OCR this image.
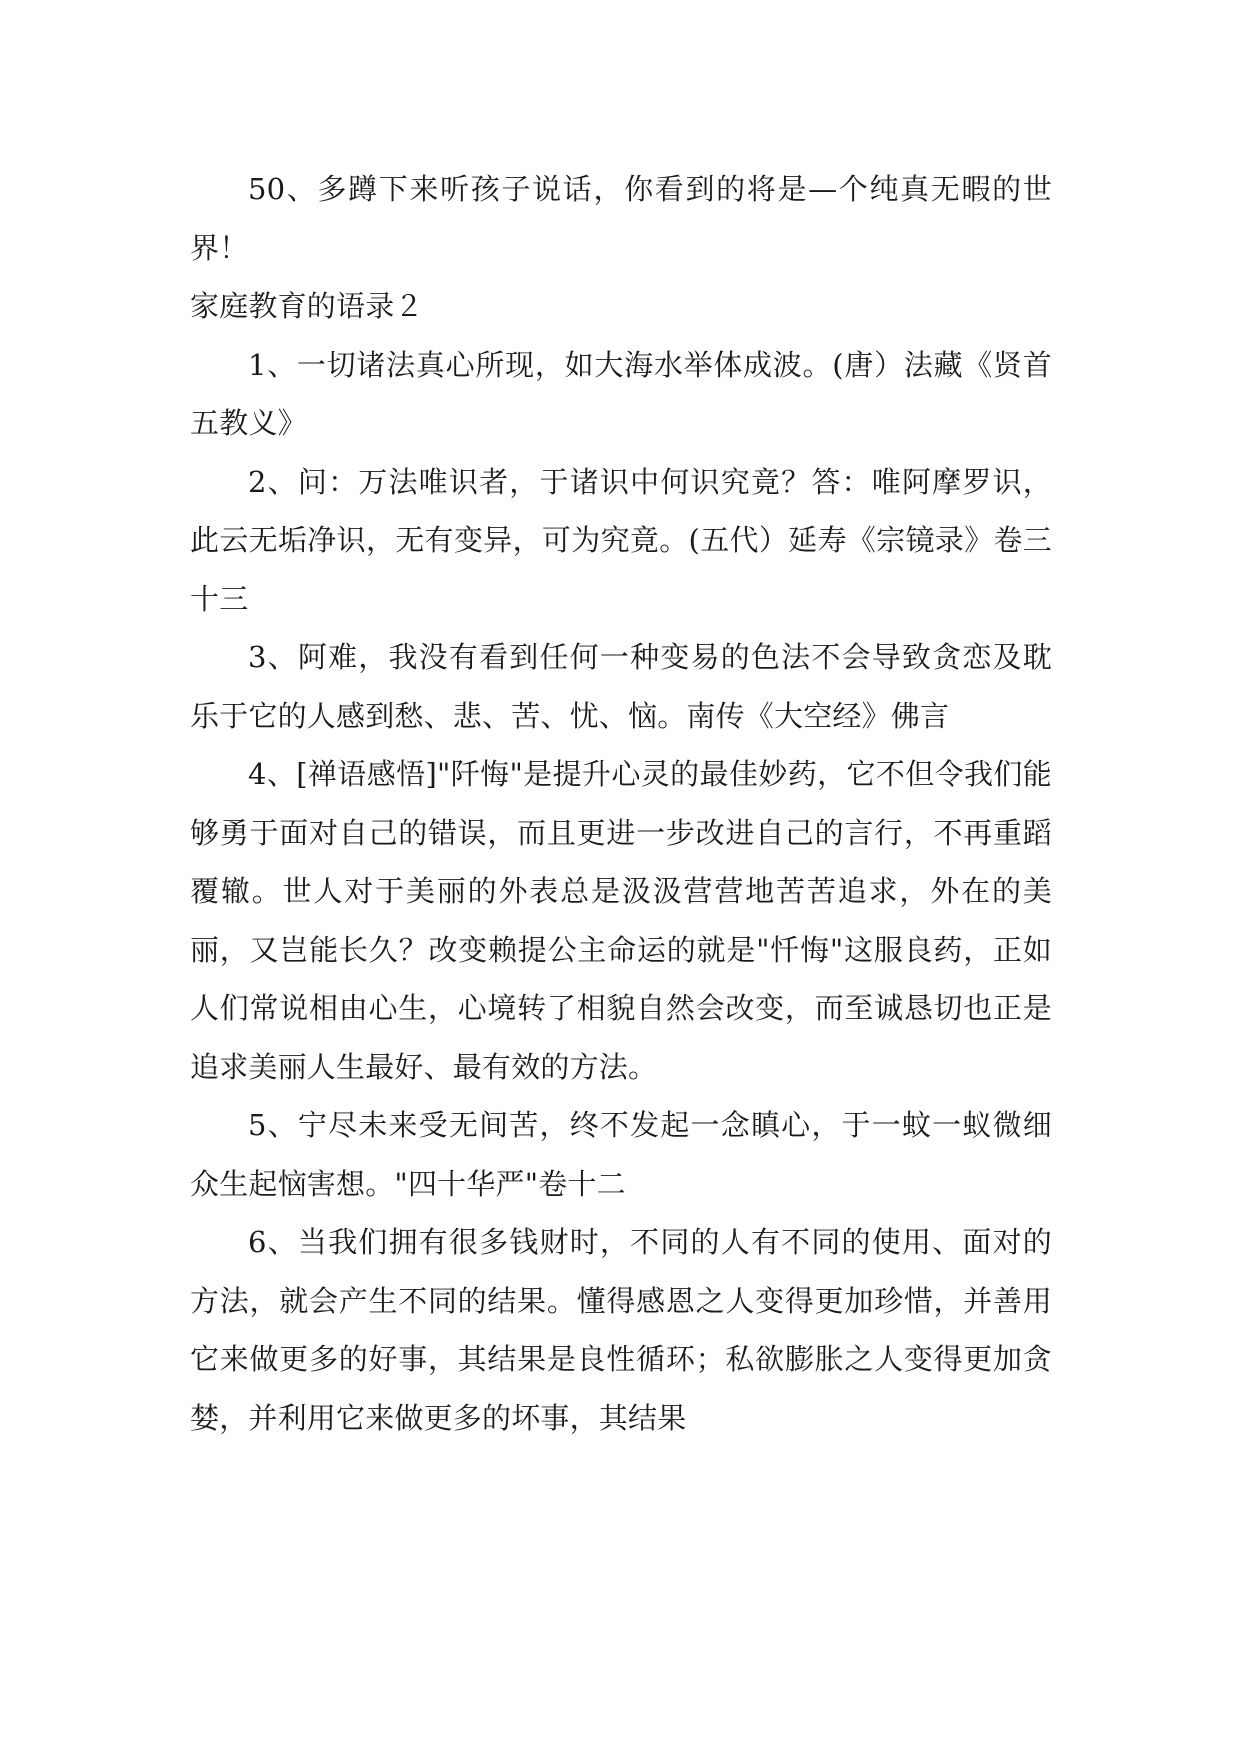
50、多蹲下来听孩子说话，你看到的将是—个纯真无暇的世界！

家庭教育的语录２

1、一切诸法真心所现，如大海水举体成波。(唐）法藏《贤首五教义》

2、问：万法唯识者，于诸识中何识究竟？答：唯阿摩罗识，此云无垢净识，无有变异，可为究竟。(五代）延寿《宗镜录》卷三十三

3、阿难，我没有看到任何一种变易的色法不会导致贪恋及耽乐于它的人感到愁、悲、苦、忧、恼。南传《大空经》佛言

4、[禅语感悟]"阡悔"是提升心灵的最佳妙药，它不但令我们能够勇于面对自己的错误，而且更进一步改进自己的言行，不再重蹈覆辙。世人对于美丽的外表总是汲汲营营地苦苦追求，外在的美丽，又岂能长久？改变赖提公主命运的就是"忏悔"这服良药，正如人们常说相由心生，心境转了相貌自然会改变，而至诚恳切也正是追求美丽人生最好、最有效的方法。

5、宁尽未来受无间苦，终不发起一念瞋心，于一蚊一蚁微细众生起恼害想。"四十华严"卷十二

6、当我们拥有很多钱财时，不同的人有不同的使用、面对的方法，就会产生不同的结果。懂得感恩之人变得更加珍惜，并善用它来做更多的好事，其结果是良性循环；私欲膨胀之人变得更加贪婪，并利用它来做更多的坏事，其结果
